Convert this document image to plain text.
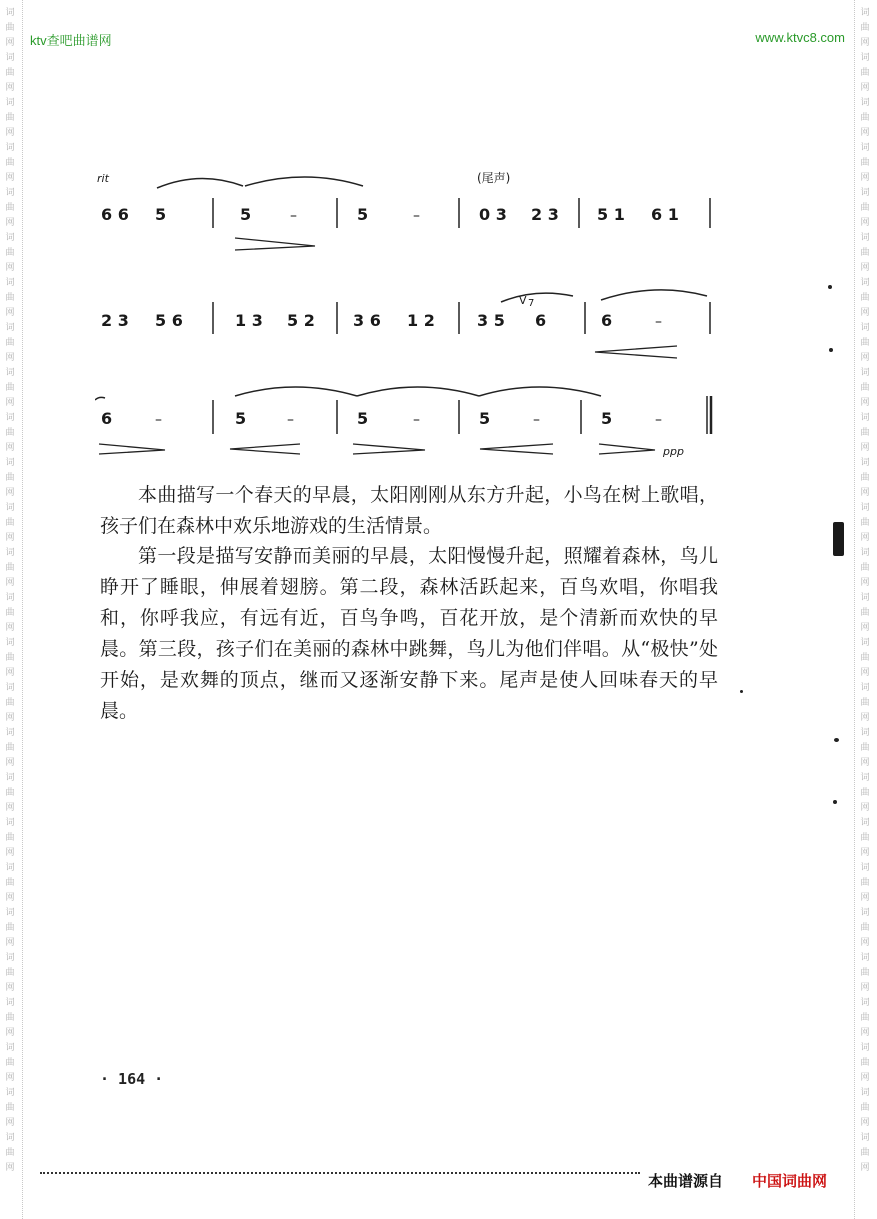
词曲网词曲网词曲网词曲网词曲网词曲网词曲网词曲网词曲网词曲网词曲网词曲网词曲网词曲网词曲网词曲网词曲网词曲网词曲网词曲网词曲网词曲网词曲网词曲网词曲网词曲网
词曲网词曲网词曲网词曲网词曲网词曲网词曲网词曲网词曲网词曲网词曲网词曲网词曲网词曲网词曲网词曲网词曲网词曲网词曲网词曲网词曲网词曲网词曲网词曲网词曲网词曲网
ktv查吧曲谱网	www.ktvc8.com
rit	(尾声)
6 6 5	5	–	5	–	0 3 2 3 5 1 6 1
2 3 5 6	1 3 5 2 3 6 1 2	3 5
V 7
6	6	–
6	–	5	–	5	–	5	–	5	–
ppp

本曲描写一个春天的早晨，太阳刚刚从东方升起，小鸟在树上歌唱，孩子们在森林中欢乐地游戏的生活情景。

第一段是描写安静而美丽的早晨，太阳慢慢升起，照耀着森林，鸟儿睁开了睡眼，伸展着翅膀。第二段，森林活跃起来，百鸟欢唱，你唱我和，你呼我应，有远有近，百鸟争鸣，百花开放，是个清新而欢快的早晨。第三段，孩子们在美丽的森林中跳舞，鸟儿为他们伴唱。从“极快”处开始，是欢舞的顶点，继而又逐渐安静下来。尾声是使人回味春天的早晨。

· 164 ·
本曲谱源自 中国词曲网
